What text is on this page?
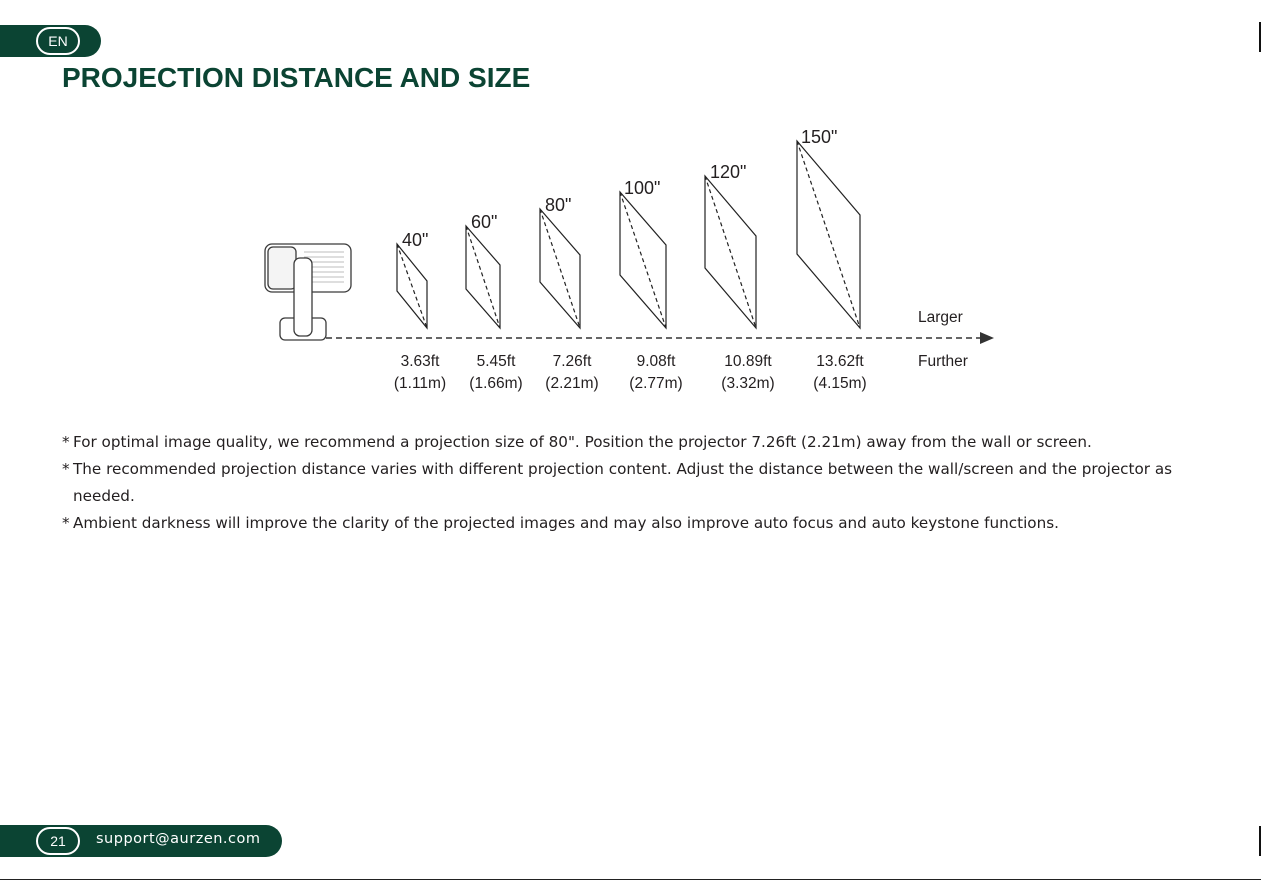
EN
PROJECTION DISTANCE AND SIZE
40"
3.63ft
(1.11m)
60"
5.45ft
(1.66m)
80"
7.26ft
(2.21m)
100"
9.08ft
(2.77m)
120"
10.89ft
(3.32m)
150"
13.62ft
(4.15m)
Larger
Further
* For optimal image quality, we recommend a projection size of 80". Position the projector 7.26ft (2.21m) away from the wall or screen.
* The recommended projection distance varies with different projection content. Adjust the distance between the wall/screen and the projector as needed.
* Ambient darkness will improve the clarity of the projected images and may also improve auto focus and auto keystone functions.
21	support@aurzen.com
